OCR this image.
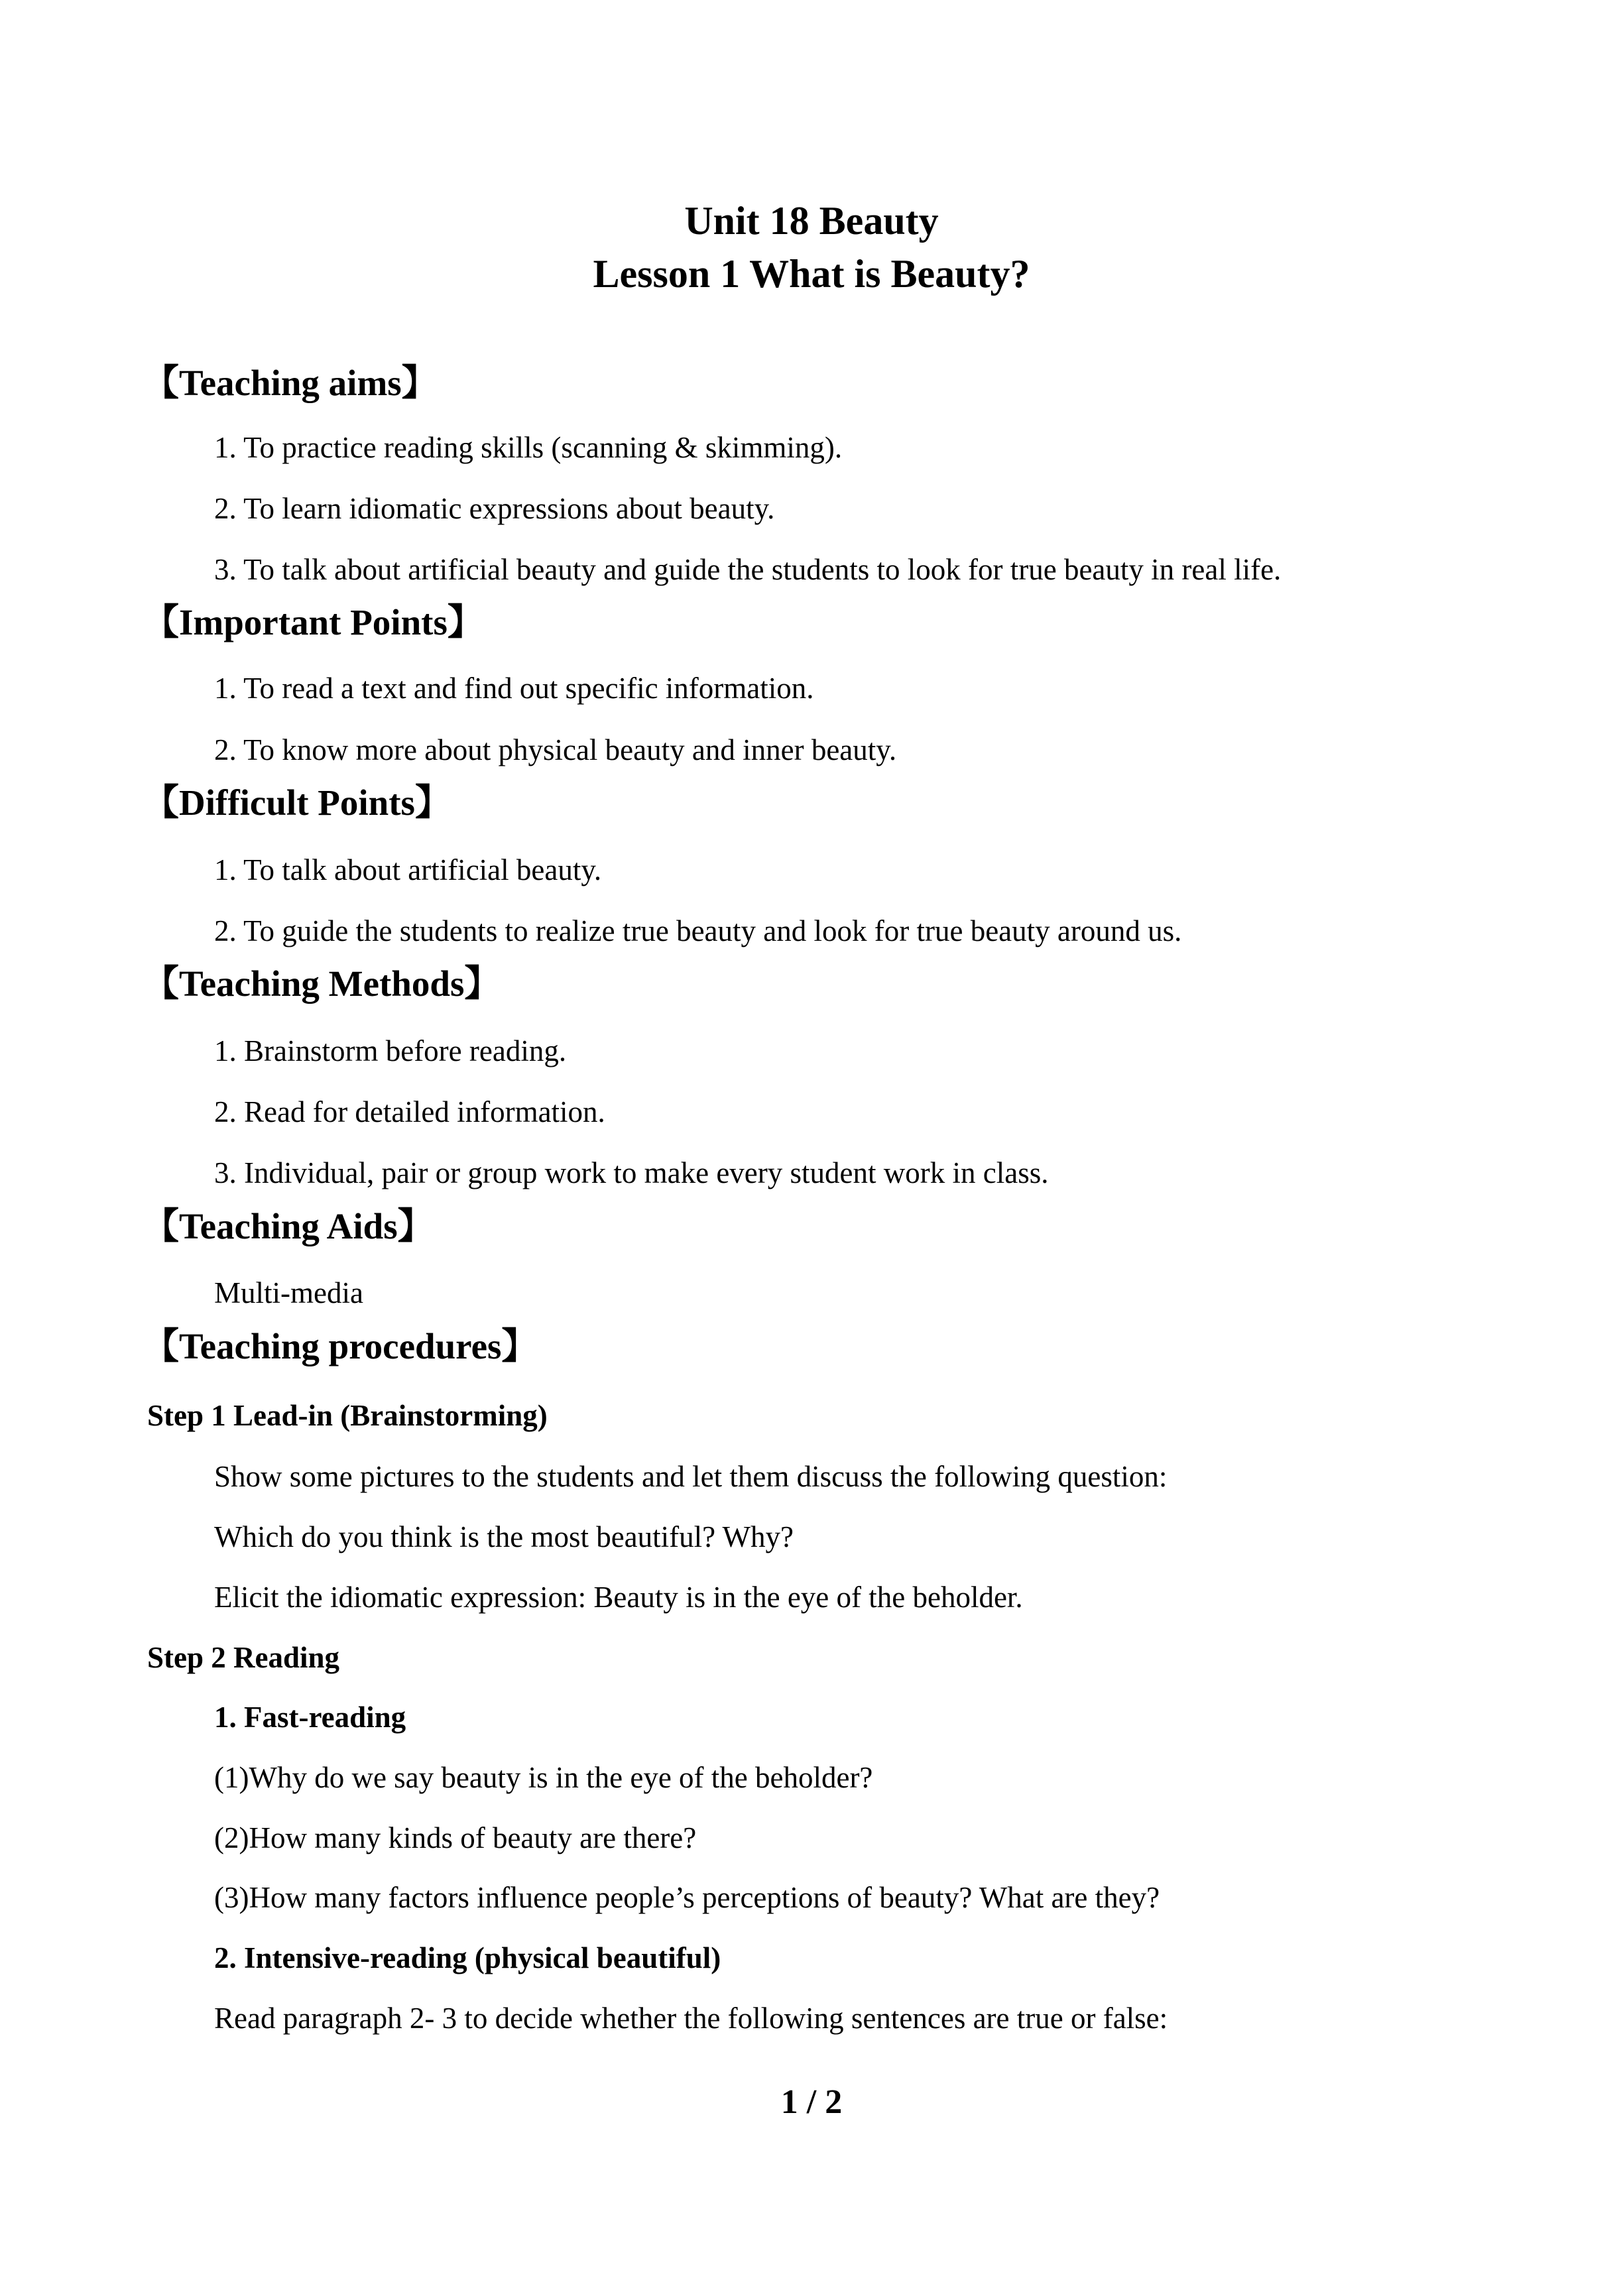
Unit 18 Beauty
Lesson 1 What is Beauty?
【Teaching aims】
1. To practice reading skills (scanning & skimming).
2. To learn idiomatic expressions about beauty.
3. To talk about artificial beauty and guide the students to look for true beauty in real life.
【Important Points】
1. To read a text and find out specific information.
2. To know more about physical beauty and inner beauty.
【Difficult Points】
1. To talk about artificial beauty.
2. To guide the students to realize true beauty and look for true beauty around us.
【Teaching Methods】
1. Brainstorm before reading.
2. Read for detailed information.
3. Individual, pair or group work to make every student work in class.
【Teaching Aids】
Multi-media
【Teaching procedures】
Step 1 Lead-in (Brainstorming)
Show some pictures to the students and let them discuss the following question:
Which do you think is the most beautiful? Why?
Elicit the idiomatic expression: Beauty is in the eye of the beholder.
Step 2 Reading
1. Fast-reading
(1)Why do we say beauty is in the eye of the beholder?
(2)How many kinds of beauty are there?
(3)How many factors influence people’s perceptions of beauty? What are they?
2. Intensive-reading (physical beautiful)
Read paragraph 2- 3 to decide whether the following sentences are true or false:
1 / 2
